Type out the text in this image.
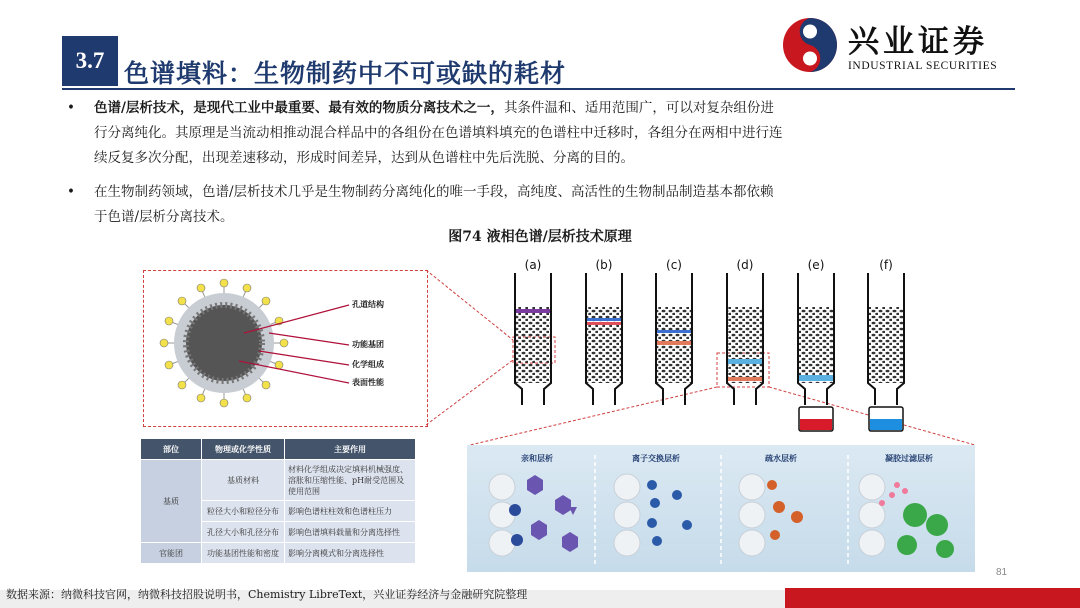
3.7 色谱填料：生物制药中不可或缺的耗材
兴业证券
INDUSTRIAL SECURITIES
• 色谱/层析技术，是现代工业中最重要、最有效的物质分离技术之一，其条件温和、适用范围广，可以对复杂组份进
行分离纯化。其原理是当流动相推动混合样品中的各组份在色谱填料填充的色谱柱中迁移时，各组分在两相中进行连
续反复多次分配，出现差速移动，形成时间差异，达到从色谱柱中先后洗脱、分离的目的。
• 在生物制药领域，色谱/层析技术几乎是生物制药分离纯化的唯一手段，高纯度、高活性的生物制品制造基本都依赖
于色谱/层析分离技术。
图74 液相色谱/层析技术原理
孔道结构
功能基团
化学组成
表面性能
(a)	(b)	(c)	(d)	(e)	(f)
部位	物理或化学性质	主要作用
基质	基质材料	材料化学组成决定填料机械强度、溶胀和压缩性能、pH耐受范围及使用范围
	粒径大小和粒径分布	影响色谱柱柱效和色谱柱压力
	孔径大小和孔径分布	影响色谱填料载量和分离选择性
官能团	功能基团性能和密度	影响分离模式和分离选择性
亲和层析	离子交换层析	疏水层析	凝胶过滤层析
81
数据来源：纳微科技官网，纳微科技招股说明书，Chemistry LibreText，兴业证券经济与金融研究院整理
